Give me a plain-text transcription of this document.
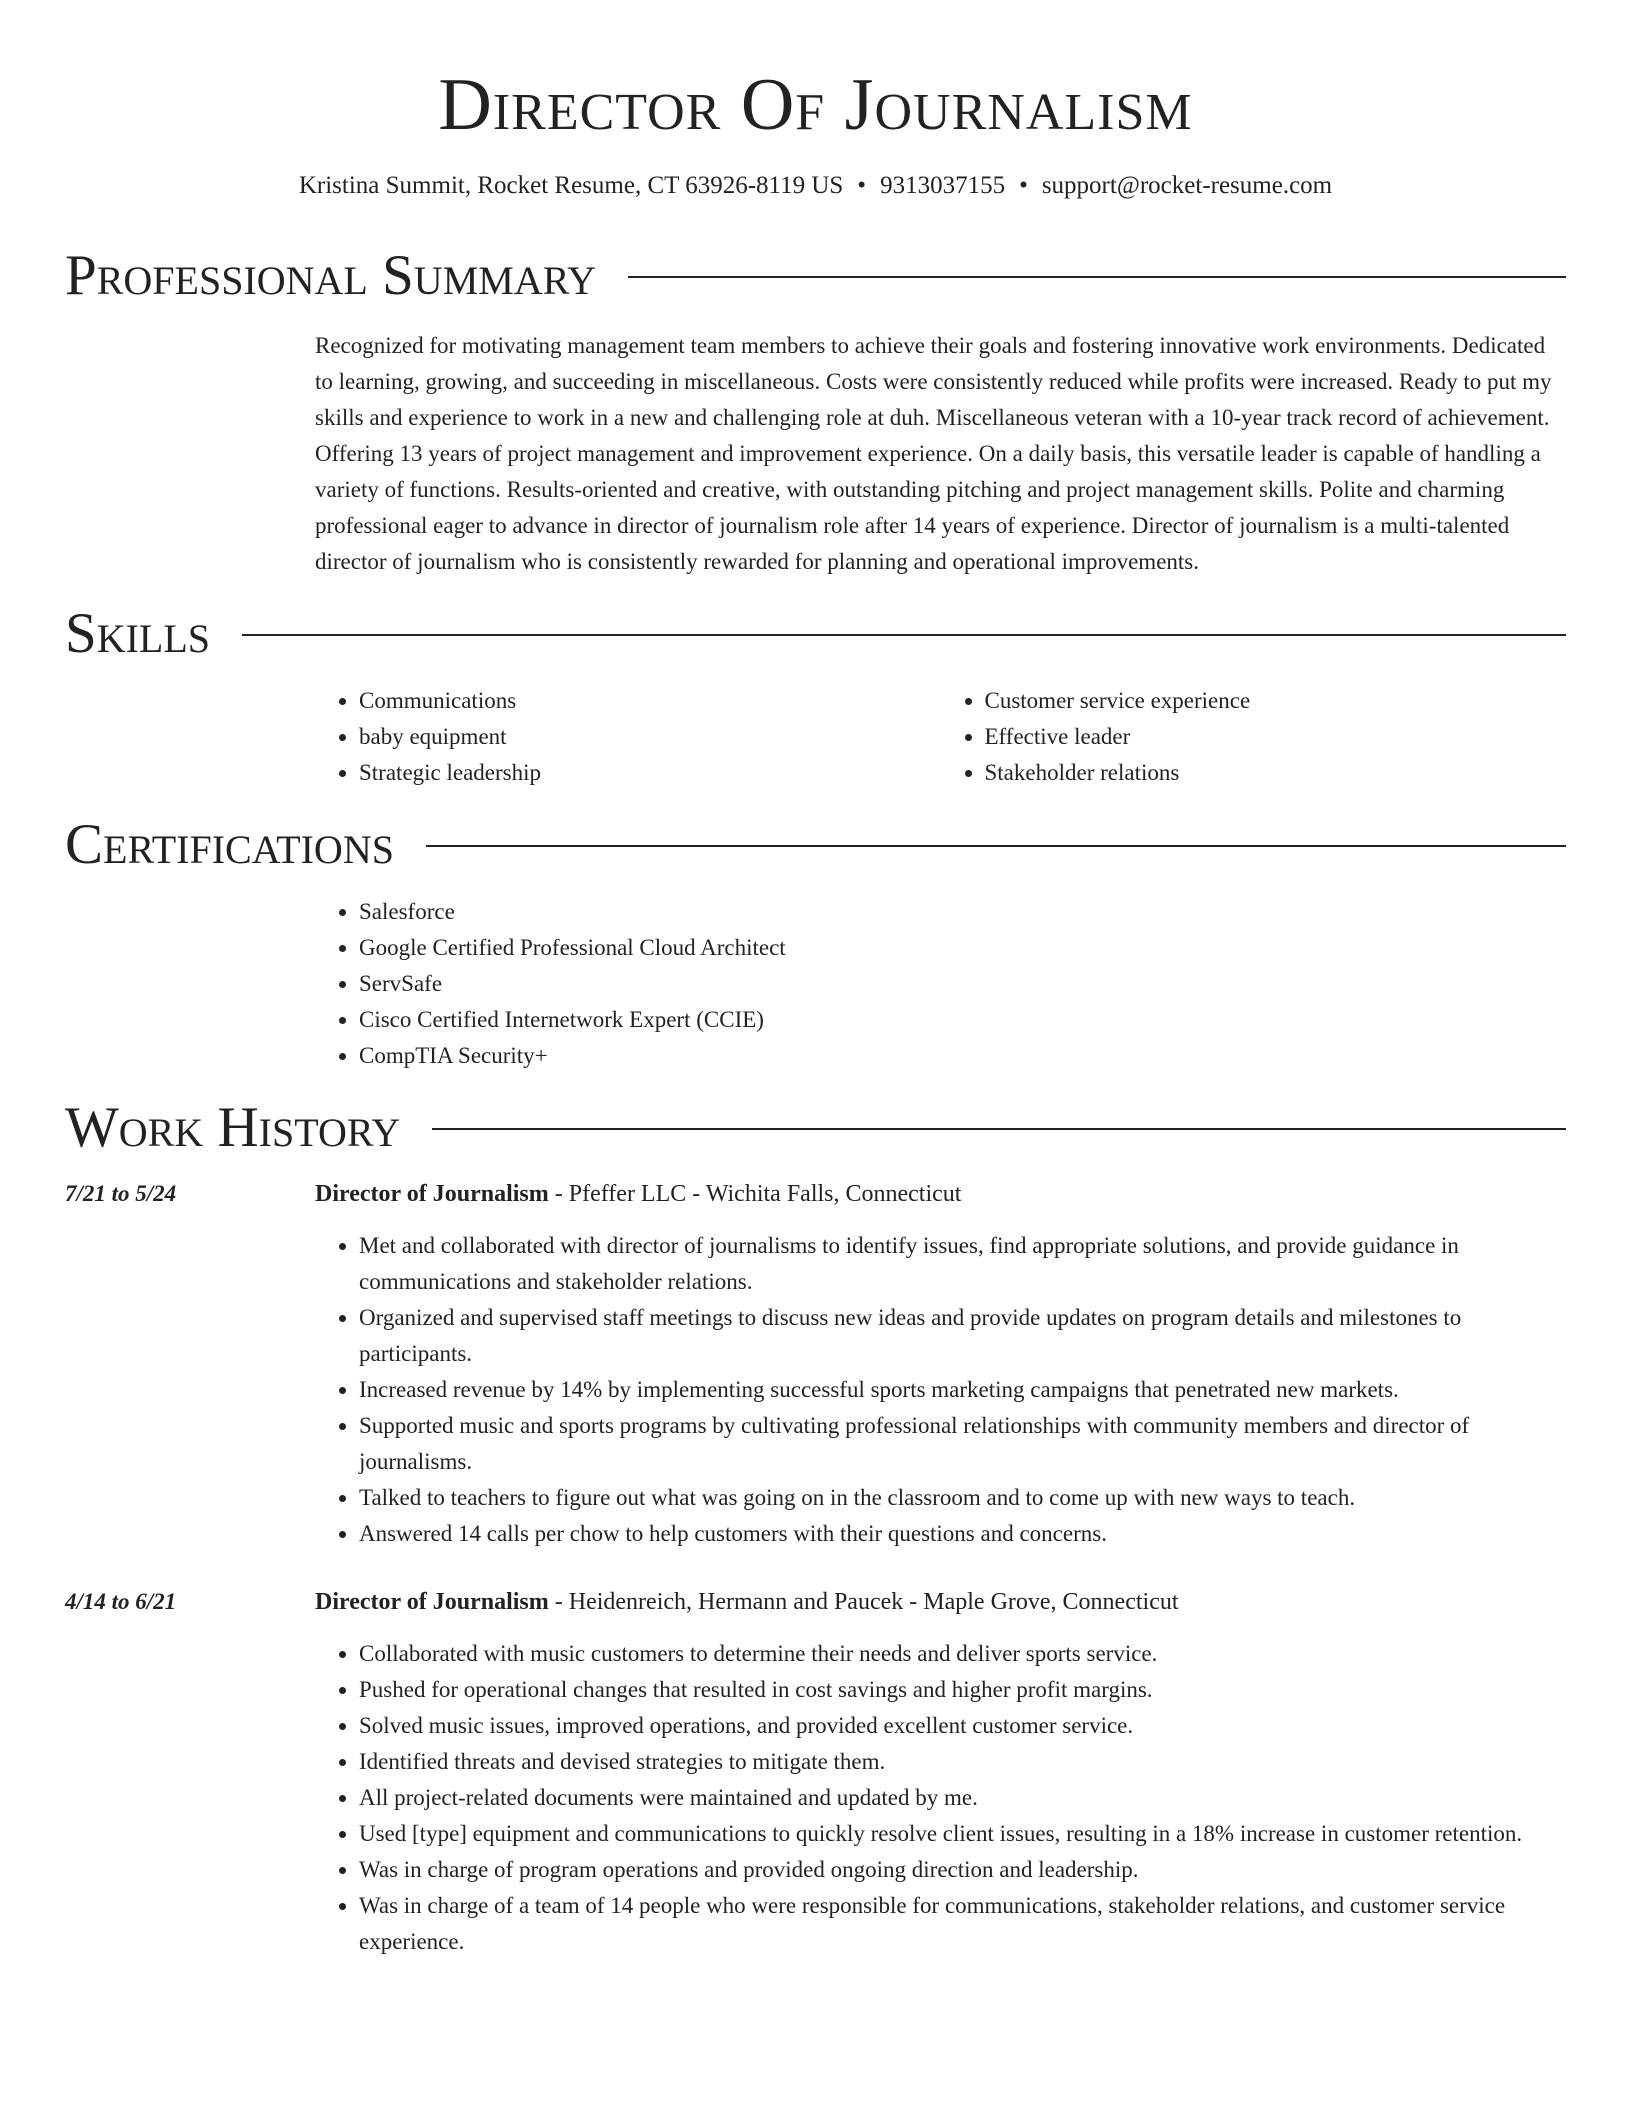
Director Of Journalism
Kristina Summit, Rocket Resume, CT 63926-8119 US • 9313037155 • support@rocket-resume.com
Professional Summary

Recognized for motivating management team members to achieve their goals and fostering innovative work environments. Dedicated to learning, growing, and succeeding in miscellaneous. Costs were consistently reduced while profits were increased. Ready to put my skills and experience to work in a new and challenging role at duh. Miscellaneous veteran with a 10-year track record of achievement. Offering 13 years of project management and improvement experience. On a daily basis, this versatile leader is capable of handling a variety of functions. Results-oriented and creative, with outstanding pitching and project management skills. Polite and charming professional eager to advance in director of journalism role after 14 years of experience. Director of journalism is a multi-talented director of journalism who is consistently rewarded for planning and operational improvements.

Skills
• Communications
• baby equipment
• Strategic leadership
• Customer service experience
• Effective leader
• Stakeholder relations
Certifications
• Salesforce
• Google Certified Professional Cloud Architect
• ServSafe
• Cisco Certified Internetwork Expert (CCIE)
• CompTIA Security+
Work History
7/21 to 5/24	Director of Journalism - Pfeffer LLC - Wichita Falls, Connecticut

• Met and collaborated with director of journalisms to identify issues, find appropriate solutions, and provide guidance in communications and stakeholder relations.
• Organized and supervised staff meetings to discuss new ideas and provide updates on program details and milestones to participants.
• Increased revenue by 14% by implementing successful sports marketing campaigns that penetrated new markets.
• Supported music and sports programs by cultivating professional relationships with community members and director of journalisms.
• Talked to teachers to figure out what was going on in the classroom and to come up with new ways to teach.
• Answered 14 calls per chow to help customers with their questions and concerns.
4/14 to 6/21	Director of Journalism - Heidenreich, Hermann and Paucek - Maple Grove, Connecticut

• Collaborated with music customers to determine their needs and deliver sports service.
• Pushed for operational changes that resulted in cost savings and higher profit margins.
• Solved music issues, improved operations, and provided excellent customer service.
• Identified threats and devised strategies to mitigate them.
• All project-related documents were maintained and updated by me.
• Used [type] equipment and communications to quickly resolve client issues, resulting in a 18% increase in customer retention.
• Was in charge of program operations and provided ongoing direction and leadership.
• Was in charge of a team of 14 people who were responsible for communications, stakeholder relations, and customer service experience.
